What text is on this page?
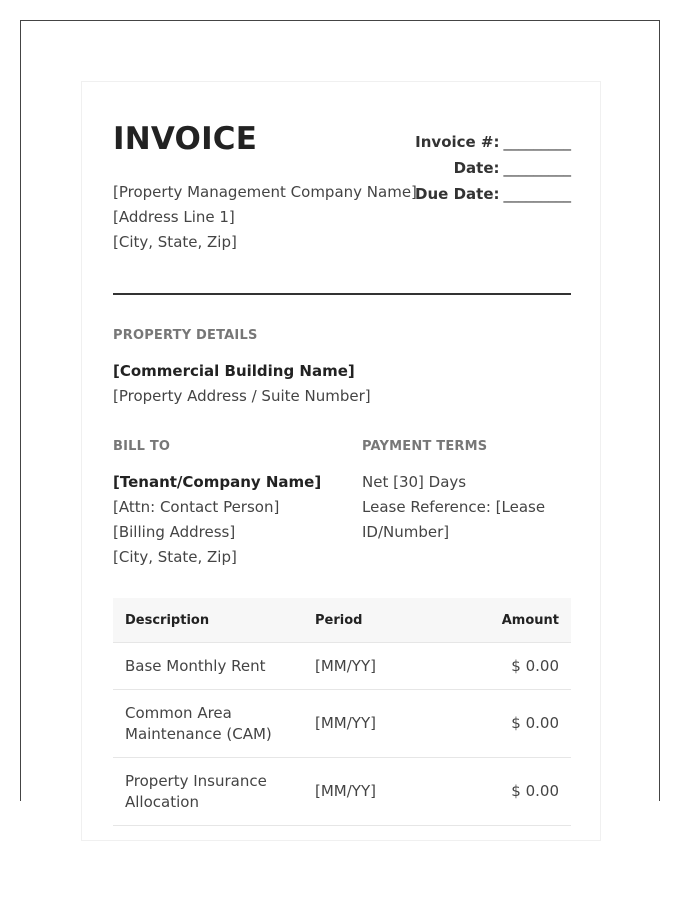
INVOICE
[Property Management Company Name]
[Address Line 1]
[City, State, Zip]
Invoice #: _________
Date: _________
Due Date: _________
PROPERTY DETAILS
[Commercial Building Name]
[Property Address / Suite Number]
BILL TO
[Tenant/Company Name]
[Attn: Contact Person]
[Billing Address]
[City, State, Zip]
PAYMENT TERMS
Net [30] Days
Lease Reference: [Lease ID/Number]
Description	Period	Amount
Base Monthly Rent	[MM/YY]	$ 0.00
Common Area Maintenance (CAM)	[MM/YY]	$ 0.00
Property Insurance Allocation	[MM/YY]	$ 0.00
